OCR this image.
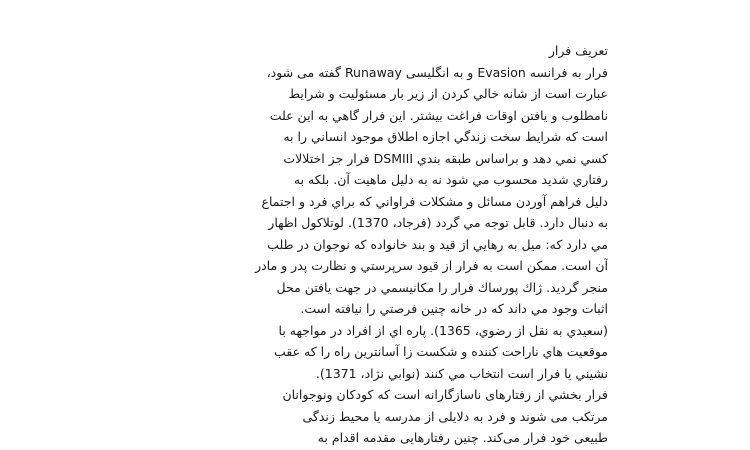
تعریف فرار
فرار به فرانسه Evasion و به انگلیسی Runaway گفته می شود،
عبارت است از شانه خالي كردن از زیر بار مسئولیت و شرایط
نامطلوب و یافتن اوقات فراغت بیشتر. این فرار گاهي به این علت
است كه شرایط سخت زندگي اجازه اطلاق موجود انساني را به
كسي نمي دهد و براساس طبقه بندي DSMIII فرار جز اختلالات
رفتاري شدید محسوب مي شود نه به دلیل ماهیت آن. بلكه به
دلیل فراهم آوردن مسائل و مشكلات فراواني كه براي فرد و اجتماع
به دنبال دارد. قابل توجه مي گردد (فرجاد، 1370). لوتلاكول اظهار
مي دارد كه: میل به رهایي از قید و بند خانواده كه نوجوان در طلب
آن است. ممكن است به فرار از قیود سرپرستي و نظارت پدر و مادر
منجر گردید. ژاك پورساك فرار را مكانیسمي در جهت یافتن محل
اثبات وجود مي داند كه در خانه چنین فرصتي را نیافته است.
(سعیدي به نقل از رضوي، 1365). پاره اي از افراد در مواجهه با
موقعیت هاي ناراحت كننده و شكست زا آسانترین راه را كه عقب
نشیني یا فرار است انتخاب مي كنند (نوابي نژاد، 1371).
فرار بخشي از رفتارهای ناسازگارانه است که کودکان ونوجوانان
مرتکب می شوند و فرد به دلایلی از مدرسه یا محیط زندگی
طبیعی خود فرار می‌کند. چنین رفتارهایی مقدمه اقدام به
